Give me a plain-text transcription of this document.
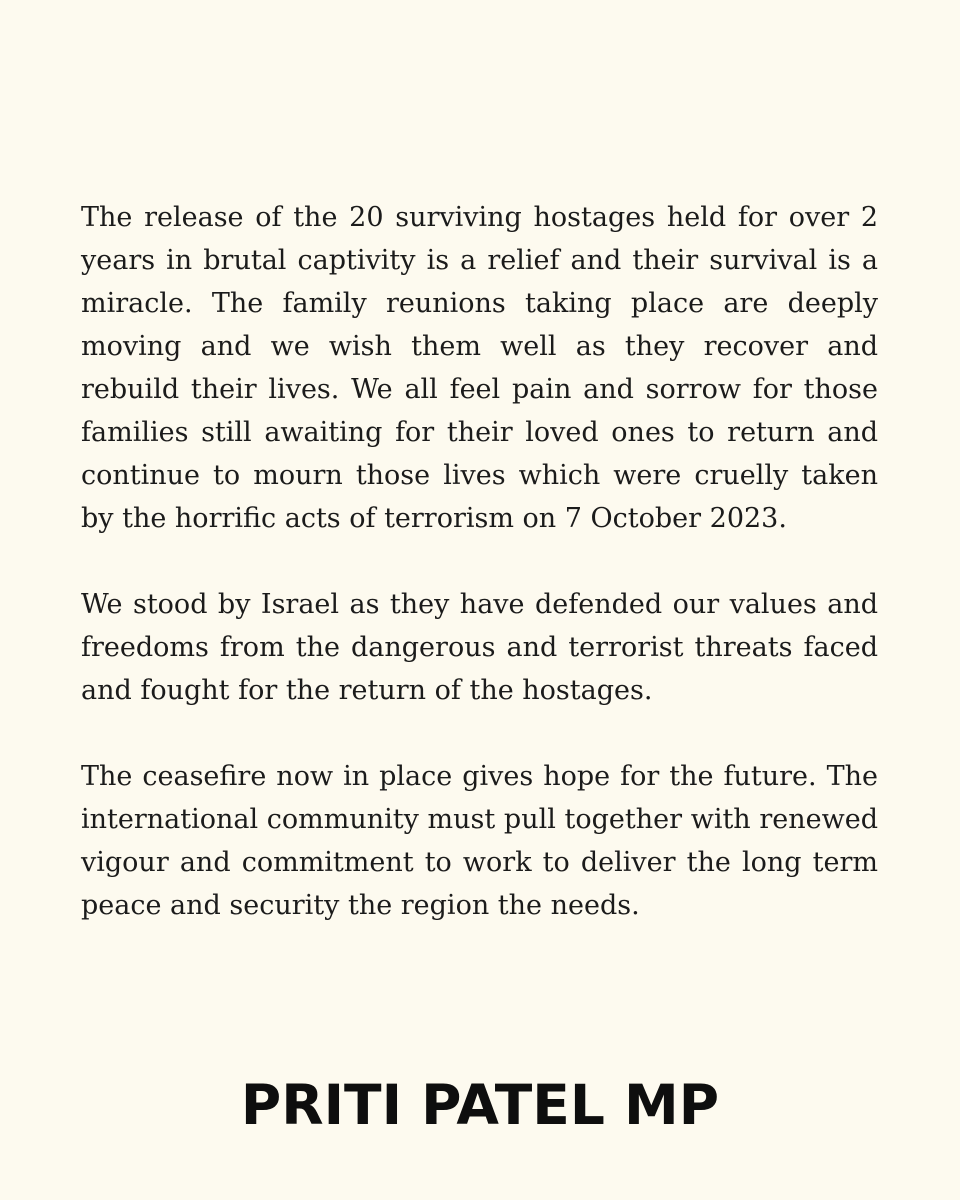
The release of the 20 surviving hostages held for over 2 years in brutal captivity is a relief and their survival is a miracle. The family reunions taking place are deeply moving and we wish them well as they recover and rebuild their lives. We all feel pain and sorrow for those families still awaiting for their loved ones to return and continue to mourn those lives which were cruelly taken by the horrific acts of terrorism on 7 October 2023.

We stood by Israel as they have defended our values and freedoms from the dangerous and terrorist threats faced and fought for the return of the hostages.

The ceasefire now in place gives hope for the future. The international community must pull together with renewed vigour and commitment to work to deliver the long term peace and security the region the needs.

PRITI PATEL MP
